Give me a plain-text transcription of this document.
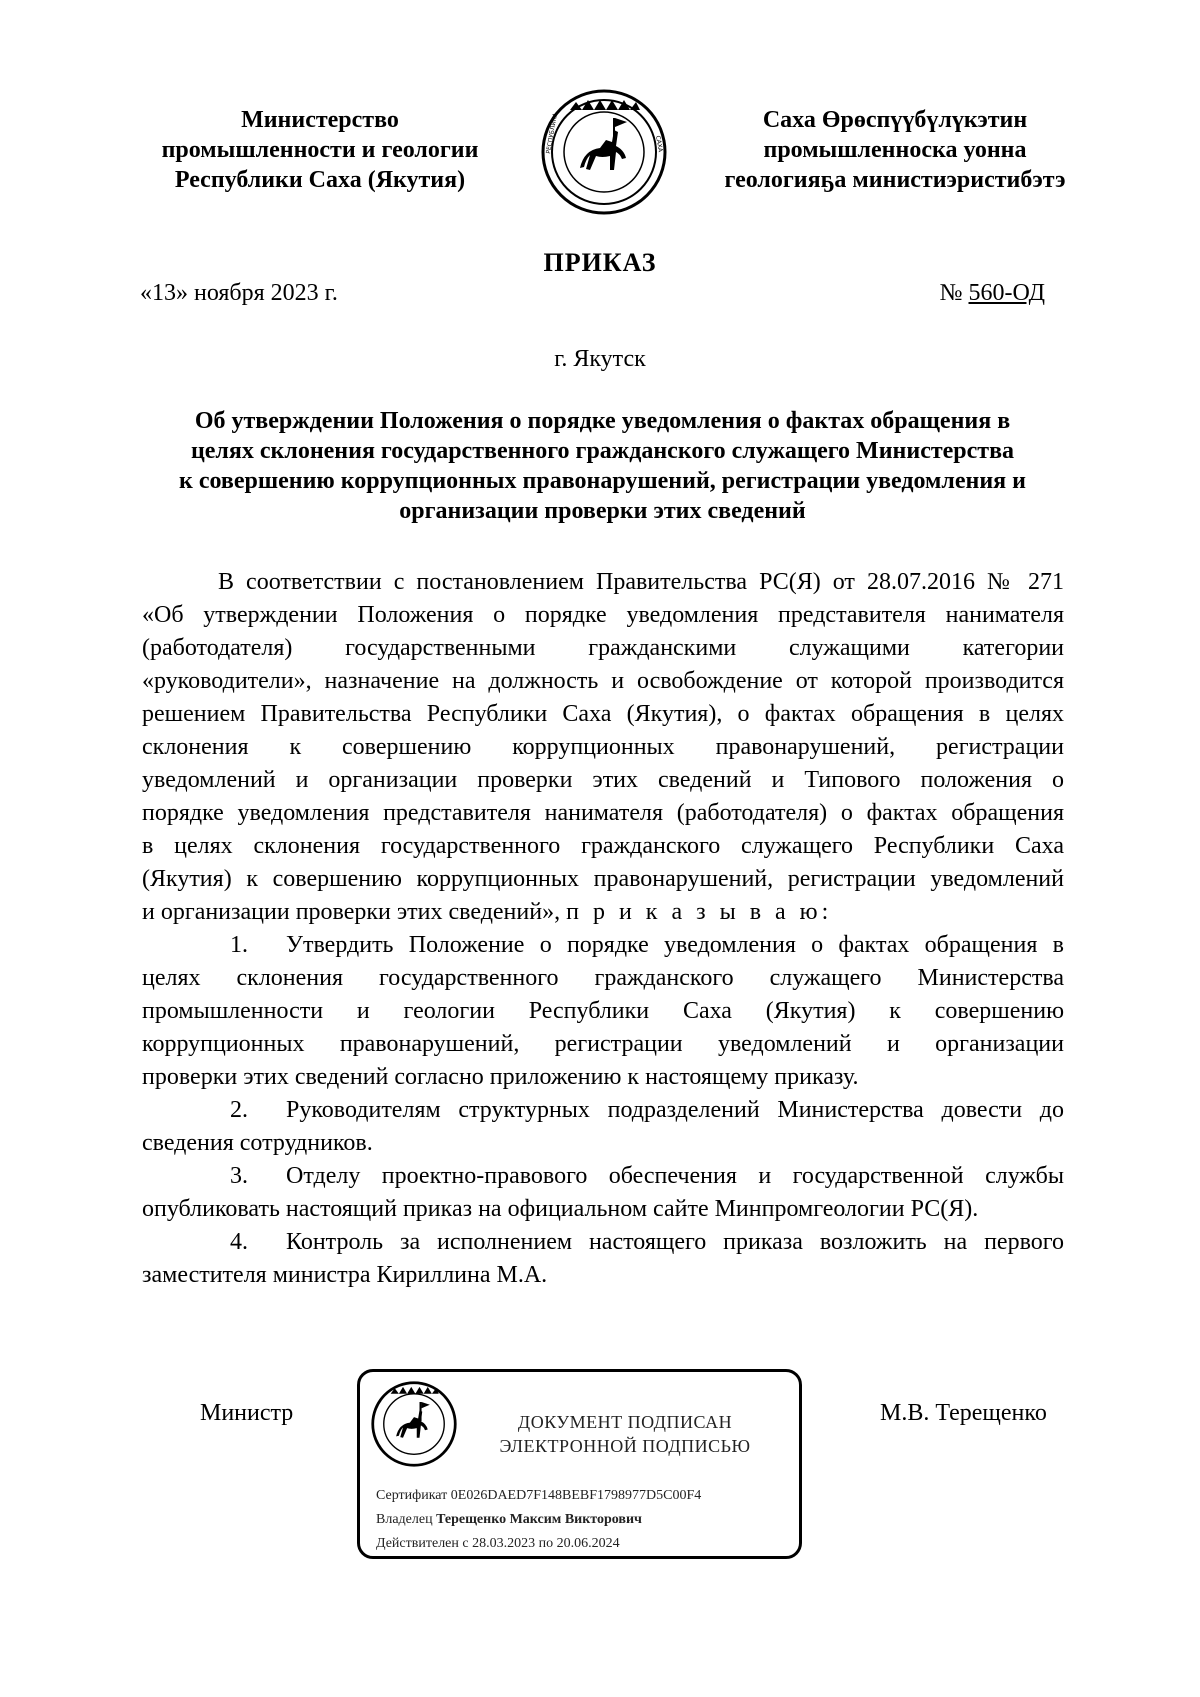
Министерство
промышленности и геологии
Республики Саха (Якутия)
РЕСПУБЛИКА	САХА
Саха Өрөспүүбүлүкэтин
промышленноска уонна
геологияҕа министиэристибэтэ
ПРИКАЗ
«13» ноября 2023 г.	№ 560-ОД
г. Якутск
Об утверждении Положения о порядке уведомления о фактах обращения в
целях склонения государственного гражданского служащего Министерства
к совершению коррупционных правонарушений, регистрации уведомления и
организации проверки этих сведений
В соответствии с постановлением Правительства РС(Я) от 28.07.2016 № 271
«Об утверждении Положения о порядке уведомления представителя нанимателя
(работодателя) государственными гражданскими служащими категории
«руководители», назначение на должность и освобождение от которой производится
решением Правительства Республики Саха (Якутия), о фактах обращения в целях
склонения к совершению коррупционных правонарушений, регистрации
уведомлений и организации проверки этих сведений и Типового положения о
порядке уведомления представителя нанимателя (работодателя) о фактах обращения
в целях склонения государственного гражданского служащего Республики Саха
(Якутия) к совершению коррупционных правонарушений, регистрации уведомлений
и организации проверки этих сведений», п р и к а з ы в а ю:
1. Утвердить Положение о порядке уведомления о фактах обращения в
целях склонения государственного гражданского служащего Министерства
промышленности и геологии Республики Саха (Якутия) к совершению
коррупционных правонарушений, регистрации уведомлений и организации
проверки этих сведений согласно приложению к настоящему приказу.
2. Руководителям структурных подразделений Министерства довести до
сведения сотрудников.
3. Отделу проектно-правового обеспечения и государственной службы
опубликовать настоящий приказ на официальном сайте Минпромгеологии РС(Я).
4. Контроль за исполнением настоящего приказа возложить на первого
заместителя министра Кириллина М.А.
Министр	М.В. Терещенко
ДОКУМЕНТ ПОДПИСАН
ЭЛЕКТРОННОЙ ПОДПИСЬЮ
Сертификат 0E026DAED7F148BEBF1798977D5C00F4
Владелец Терещенко Максим Викторович
Действителен с 28.03.2023 по 20.06.2024
